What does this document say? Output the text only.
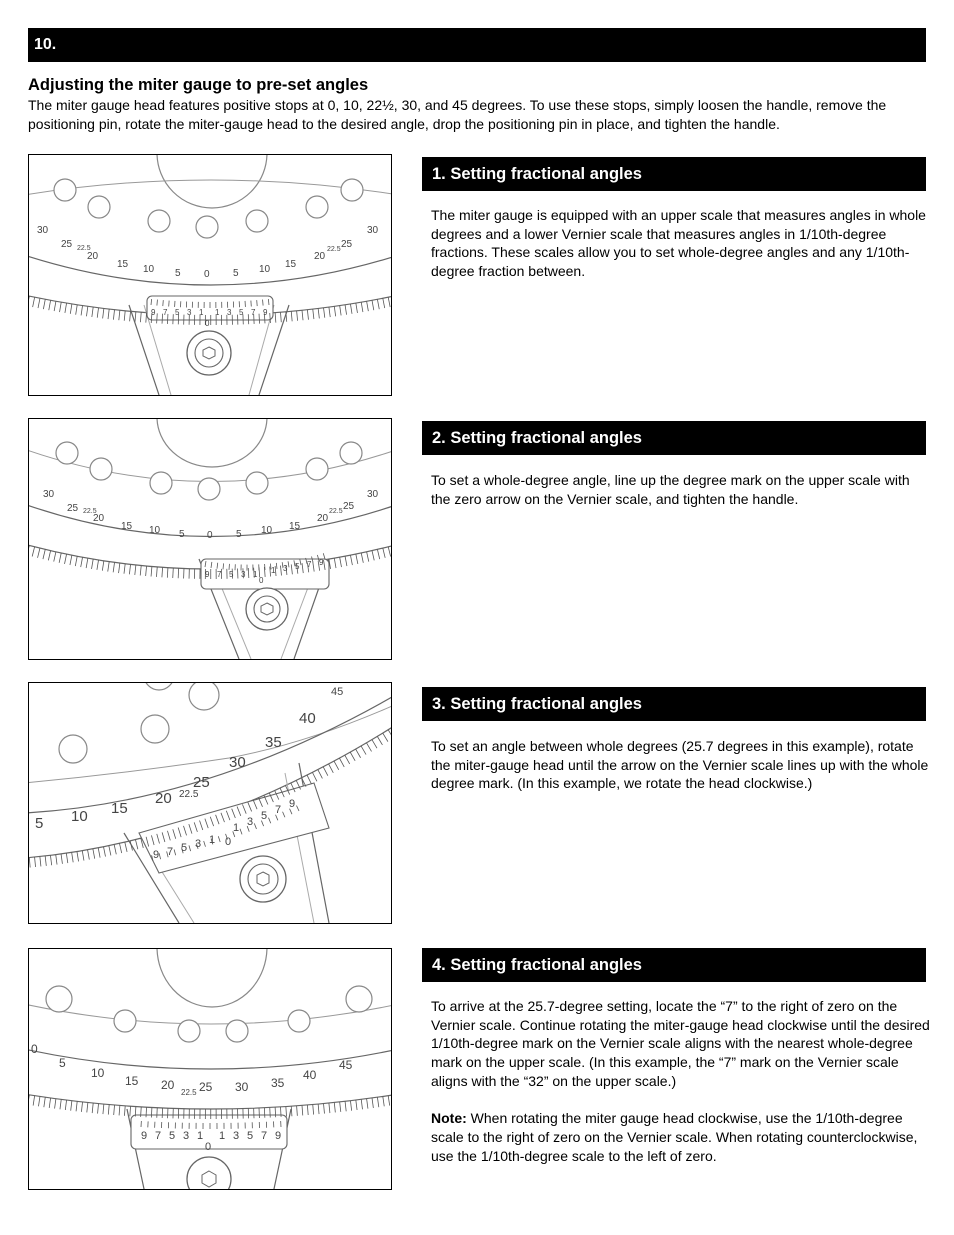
10.
Adjusting the miter gauge to pre-set angles
The miter gauge head features positive stops at 0, 10, 22½, 30, and 45 degrees. To use these stops, simply loosen the handle, remove the positioning pin, rotate the miter-gauge head to the desired angle, drop the positioning pin in place, and tighten the handle.
30
25 22.5
20
15 10 5 0 5 10 15
20
22.5 25
30
9 7 5 3 1 1 3 5 7 9
0
30
25 22.5
20
15 10 5 0 5 10 15
20
22.5 25
30
9 7 5 3 1 1 3 5 7 9
0
5 10 15
20 22.5
25
30
35
40
45
9 7 5 3 1
1 3 5 7 9
0
0
5
10
15 20
22.5 25 30 35
40
45
9 7 5 3 1 1 3 5 7 9
0
1. Setting fractional angles

The miter gauge is equipped with an upper scale that measures angles in whole degrees and a lower Vernier scale that measures angles in 1/10th-degree fractions. These scales allow you to set whole-degree angles and any 1/10th-degree fraction between.

2. Setting fractional angles

To set a whole-degree angle, line up the degree mark on the upper scale with the zero arrow on the Vernier scale, and tighten the handle.

3. Setting fractional angles

To set an angle between whole degrees (25.7 degrees in this example), rotate the miter-gauge head until the arrow on the Vernier scale lines up with the whole degree mark. (In this example, we rotate the head clockwise.)

4. Setting fractional angles

To arrive at the 25.7-degree setting, locate the “7” to the right of zero on the Vernier scale. Continue rotating the miter-gauge head clockwise until the desired 1/10th-degree mark on the Vernier scale aligns with the nearest whole-degree mark on the upper scale. (In this example, the “7” mark on the Vernier scale aligns with the “32” on the upper scale.)

Note: When rotating the miter gauge head clockwise, use the 1/10th-degree scale to the right of zero on the Vernier scale. When rotating counterclockwise, use the 1/10th-degree scale to the left of zero.
